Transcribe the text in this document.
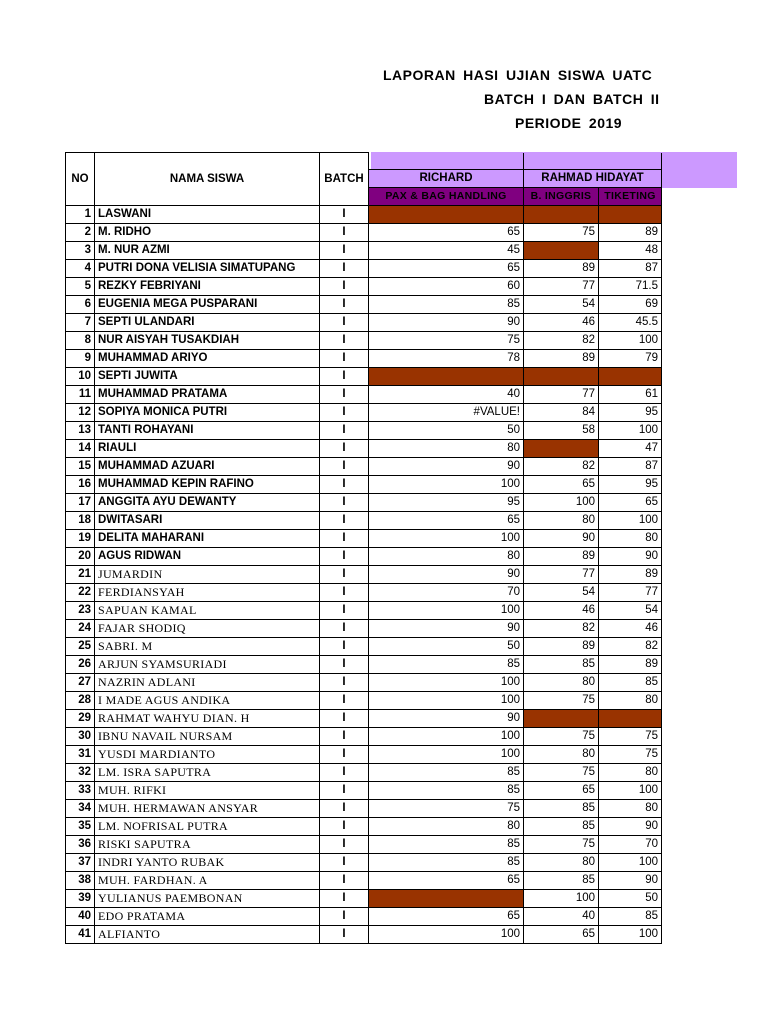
LAPORAN HASI UJIAN SISWA UATC
BATCH I DAN BATCH II
PERIODE 2019
NO	NAMA SISWA	BATCH	RICHARD	RAHMAD HIDAYAT	

			PAX & BAG HANDLING	B. INGGRIS	TIKETING
1	LASWANI	I			
2	M. RIDHO	I	65	75	89
3	M. NUR AZMI	I	45		48
4	PUTRI DONA VELISIA SIMATUPANG	I	65	89	87
5	REZKY FEBRIYANI	I	60	77	71.5
6	EUGENIA MEGA PUSPARANI	I	85	54	69
7	SEPTI ULANDARI	I	90	46	45.5
8	NUR AISYAH TUSAKDIAH	I	75	82	100
9	MUHAMMAD ARIYO	I	78	89	79
10	SEPTI JUWITA	I			
11	MUHAMMAD PRATAMA	I	40	77	61
12	SOPIYA MONICA PUTRI	I	#VALUE!	84	95
13	TANTI ROHAYANI	I	50	58	100
14	RIAULI	I	80		47
15	MUHAMMAD AZUARI	I	90	82	87
16	MUHAMMAD KEPIN RAFINO	I	100	65	95
17	ANGGITA AYU DEWANTY	I	95	100	65
18	DWITASARI	I	65	80	100
19	DELITA MAHARANI	I	100	90	80
20	AGUS RIDWAN	I	80	89	90
21	JUMARDIN	I	90	77	89
22	FERDIANSYAH	I	70	54	77
23	SAPUAN KAMAL	I	100	46	54
24	FAJAR SHODIQ	I	90	82	46
25	SABRI. M	I	50	89	82
26	ARJUN SYAMSURIADI	I	85	85	89
27	NAZRIN ADLANI	I	100	80	85
28	I MADE AGUS ANDIKA	I	100	75	80
29	RAHMAT WAHYU DIAN. H	I	90		
30	IBNU NAVAIL NURSAM	I	100	75	75
31	YUSDI MARDIANTO	I	100	80	75
32	LM. ISRA SAPUTRA	I	85	75	80
33	MUH. RIFKI	I	85	65	100
34	MUH. HERMAWAN ANSYAR	I	75	85	80
35	LM. NOFRISAL PUTRA	I	80	85	90
36	RISKI SAPUTRA	I	85	75	70
37	INDRI YANTO RUBAK	I	85	80	100
38	MUH. FARDHAN. A	I	65	85	90
39	YULIANUS PAEMBONAN	I		100	50
40	EDO PRATAMA	I	65	40	85
41	ALFIANTO	I	100	65	100
